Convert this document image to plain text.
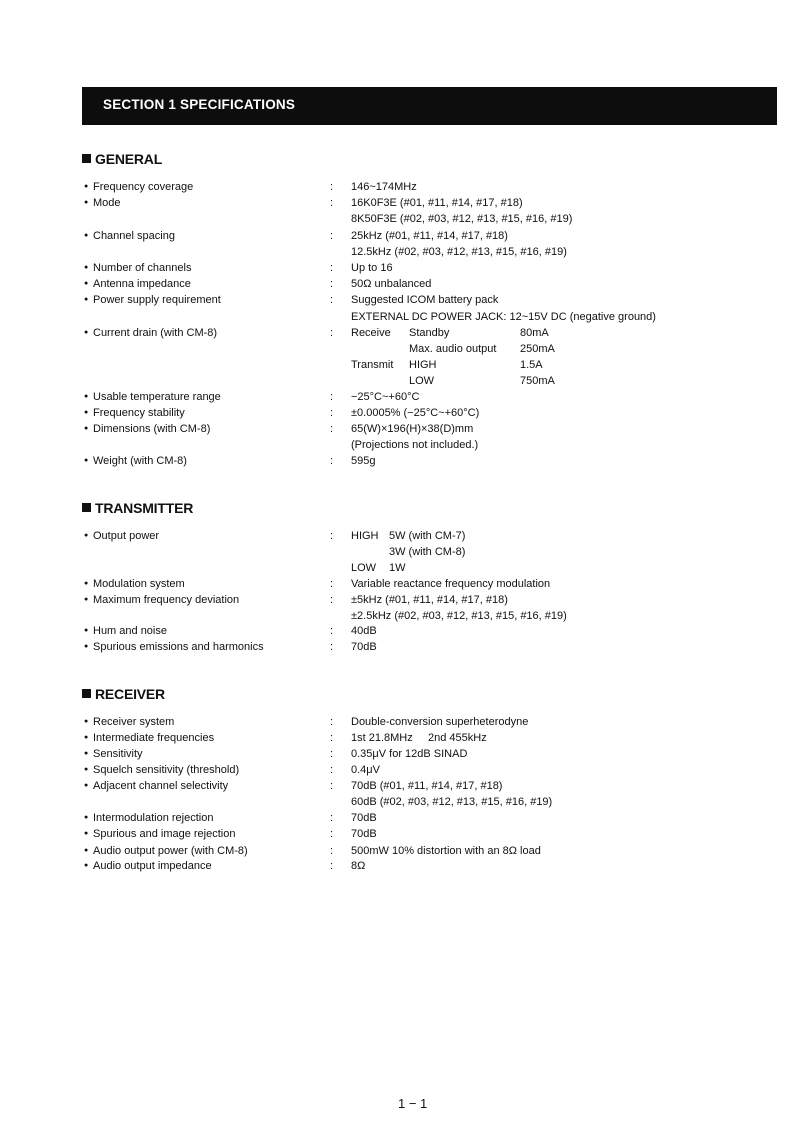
SECTION 1 SPECIFICATIONS
GENERAL
● Frequency coverage	: 146~174MHz
● Mode	: 16K0F3E (#01, #11, #14, #17, #18)
8K50F3E (#02, #03, #12, #13, #15, #16, #19)
● Channel spacing	: 25kHz (#01, #11, #14, #17, #18)
12.5kHz (#02, #03, #12, #13, #15, #16, #19)
● Number of channels	: Up to 16
● Antenna impedance	: 50Ω unbalanced
● Power supply requirement	: Suggested ICOM battery pack
EXTERNAL DC POWER JACK: 12~15V DC (negative ground)
● Current drain (with CM-8)	: Receive Standby	80mA
Max. audio output 250mA
Transmit HIGH	1.5A
LOW	750mA
● Usable temperature range	: −25°C~+60°C
● Frequency stability	: ±0.0005% (−25°C~+60°C)
● Dimensions (with CM-8)	: 65(W)×196(H)×38(D)mm
(Projections not included.)
● Weight (with CM-8)	: 595g
TRANSMITTER
● Output power	: HIGH 5W (with CM-7)
3W (with CM-8)
LOW 1W
● Modulation system	: Variable reactance frequency modulation
● Maximum frequency deviation	: ±5kHz (#01, #11, #14, #17, #18)
±2.5kHz (#02, #03, #12, #13, #15, #16, #19)
● Hum and noise	: 40dB
● Spurious emissions and harmonics	: 70dB
RECEIVER
● Receiver system	: Double-conversion superheterodyne
● Intermediate frequencies	: 1st 21.8MHz     2nd 455kHz
● Sensitivity	: 0.35μV for 12dB SINAD
● Squelch sensitivity (threshold)	: 0.4μV
● Adjacent channel selectivity	: 70dB (#01, #11, #14, #17, #18)
60dB (#02, #03, #12, #13, #15, #16, #19)
● Intermodulation rejection	: 70dB
● Spurious and image rejection	: 70dB
● Audio output power (with CM-8)	: 500mW 10% distortion with an 8Ω load
● Audio output impedance	: 8Ω
1 − 1
